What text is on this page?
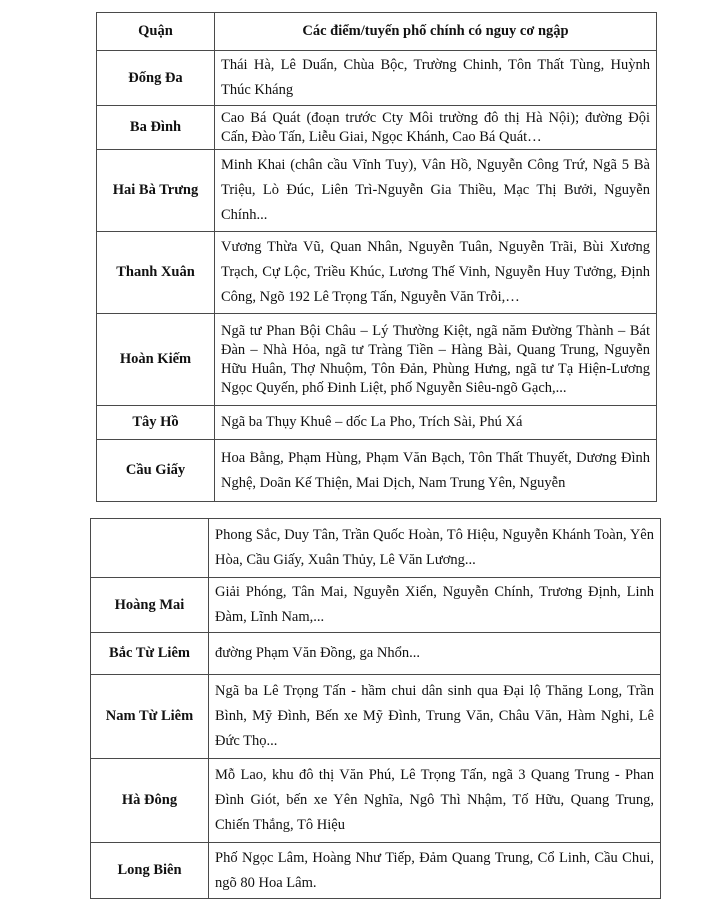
Quận	Các điểm/tuyến phố chính có nguy cơ ngập
Đống Đa	Thái Hà, Lê Duẩn, Chùa Bộc, Trường Chinh, Tôn Thất Tùng, Huỳnh Thúc Kháng
Ba Đình	Cao Bá Quát (đoạn trước Cty Môi trường đô thị Hà Nội); đường Đội Cấn, Đào Tấn, Liễu Giai, Ngọc Khánh, Cao Bá Quát…
Hai Bà Trưng	Minh Khai (chân cầu Vĩnh Tuy), Vân Hồ, Nguyễn Công Trứ, Ngã 5 Bà Triệu, Lò Đúc, Liên Trì-Nguyễn Gia Thiều, Mạc Thị Bưởi, Nguyễn Chính...
Thanh Xuân	Vương Thừa Vũ, Quan Nhân, Nguyễn Tuân, Nguyễn Trãi, Bùi Xương Trạch, Cự Lộc, Triều Khúc, Lương Thế Vinh, Nguyễn Huy Tưởng, Định Công, Ngõ 192 Lê Trọng Tấn, Nguyễn Văn Trỗi,…
Hoàn Kiếm	Ngã tư Phan Bội Châu – Lý Thường Kiệt, ngã năm Đường Thành – Bát Đàn – Nhà Hỏa, ngã tư Tràng Tiền – Hàng Bài, Quang Trung, Nguyễn Hữu Huân, Thợ Nhuộm, Tôn Đản, Phùng Hưng, ngã tư Tạ Hiện-Lương Ngọc Quyến, phố Đinh Liệt, phố Nguyễn Siêu-ngõ Gạch,...
Tây Hồ	Ngã ba Thụy Khuê – dốc La Pho, Trích Sài, Phú Xá
Cầu Giấy	Hoa Bằng, Phạm Hùng, Phạm Văn Bạch, Tôn Thất Thuyết, Dương Đình Nghệ, Doãn Kế Thiện, Mai Dịch, Nam Trung Yên, Nguyễn
	Phong Sắc, Duy Tân, Trần Quốc Hoàn, Tô Hiệu, Nguyễn Khánh Toàn, Yên Hòa, Cầu Giấy, Xuân Thủy, Lê Văn Lương...
Hoàng Mai	Giải Phóng, Tân Mai, Nguyễn Xiển, Nguyễn Chính, Trương Định, Linh Đàm, Lĩnh Nam,...
Bắc Từ Liêm	đường Phạm Văn Đồng, ga Nhổn...
Nam Từ Liêm	Ngã ba Lê Trọng Tấn - hầm chui dân sinh qua Đại lộ Thăng Long, Trần Bình, Mỹ Đình, Bến xe Mỹ Đình, Trung Văn, Châu Văn, Hàm Nghi, Lê Đức Thọ...
Hà Đông	Mỗ Lao, khu đô thị Văn Phú, Lê Trọng Tấn, ngã 3 Quang Trung - Phan Đình Giót, bến xe Yên Nghĩa, Ngô Thì Nhậm, Tố Hữu, Quang Trung, Chiến Thắng, Tô Hiệu
Long Biên	Phố Ngọc Lâm, Hoàng Như Tiếp, Đảm Quang Trung, Cổ Linh, Cầu Chui, ngõ 80 Hoa Lâm.
